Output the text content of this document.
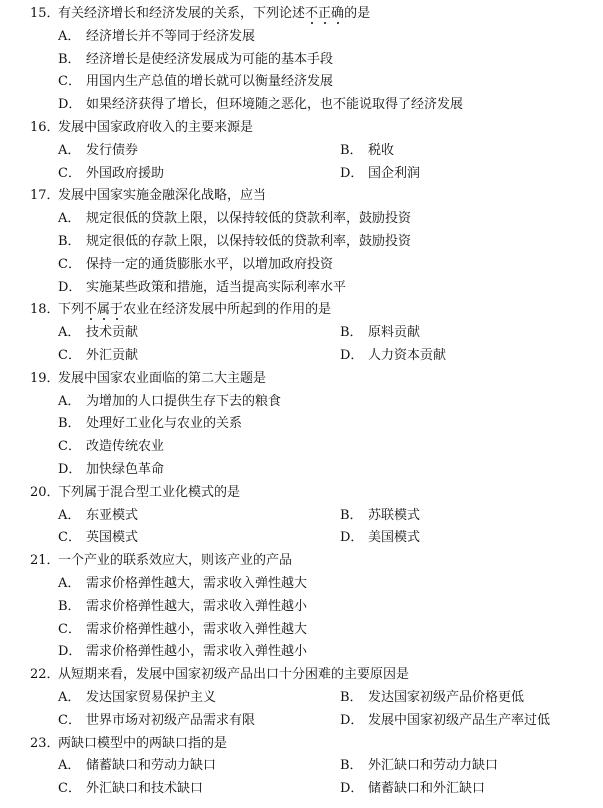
15．
有关经济增长和经济发展的关系，下列论述不正确的是
A． 经济增长并不等同于经济发展
B． 经济增长是使经济发展成为可能的基本手段
C． 用国内生产总值的增长就可以衡量经济发展
D． 如果经济获得了增长，但环境随之恶化，也不能说取得了经济发展
16．
发展中国家政府收入的主要来源是
A． 发行债券	B． 税收
C． 外国政府援助	D． 国企利润
17．
发展中国家实施金融深化战略，应当
A． 规定很低的贷款上限，以保持较低的贷款利率，鼓励投资
B． 规定很低的存款上限，以保持较低的贷款利率，鼓励投资
C． 保持一定的通货膨胀水平，以增加政府投资
D． 实施某些政策和措施，适当提高实际利率水平
18．
下列不属于农业在经济发展中所起到的作用的是
A． 技术贡献	B． 原料贡献
C． 外汇贡献	D． 人力资本贡献
19．
发展中国家农业面临的第二大主题是
A． 为增加的人口提供生存下去的粮食
B． 处理好工业化与农业的关系
C． 改造传统农业
D． 加快绿色革命
20．
下列属于混合型工业化模式的是
A． 东亚模式	B． 苏联模式
C． 英国模式	D． 美国模式
21．
一个产业的联系效应大，则该产业的产品
A． 需求价格弹性越大，需求收入弹性越大
B． 需求价格弹性越大，需求收入弹性越小
C． 需求价格弹性越小，需求收入弹性越大
D． 需求价格弹性越小，需求收入弹性越小
22．
从短期来看，发展中国家初级产品出口十分困难的主要原因是
A． 发达国家贸易保护主义	B． 发达国家初级产品价格更低
C． 世界市场对初级产品需求有限	D． 发展中国家初级产品生产率过低
23．
两缺口模型中的两缺口指的是
A． 储蓄缺口和劳动力缺口	B． 外汇缺口和劳动力缺口
C． 外汇缺口和技术缺口	D． 储蓄缺口和外汇缺口
